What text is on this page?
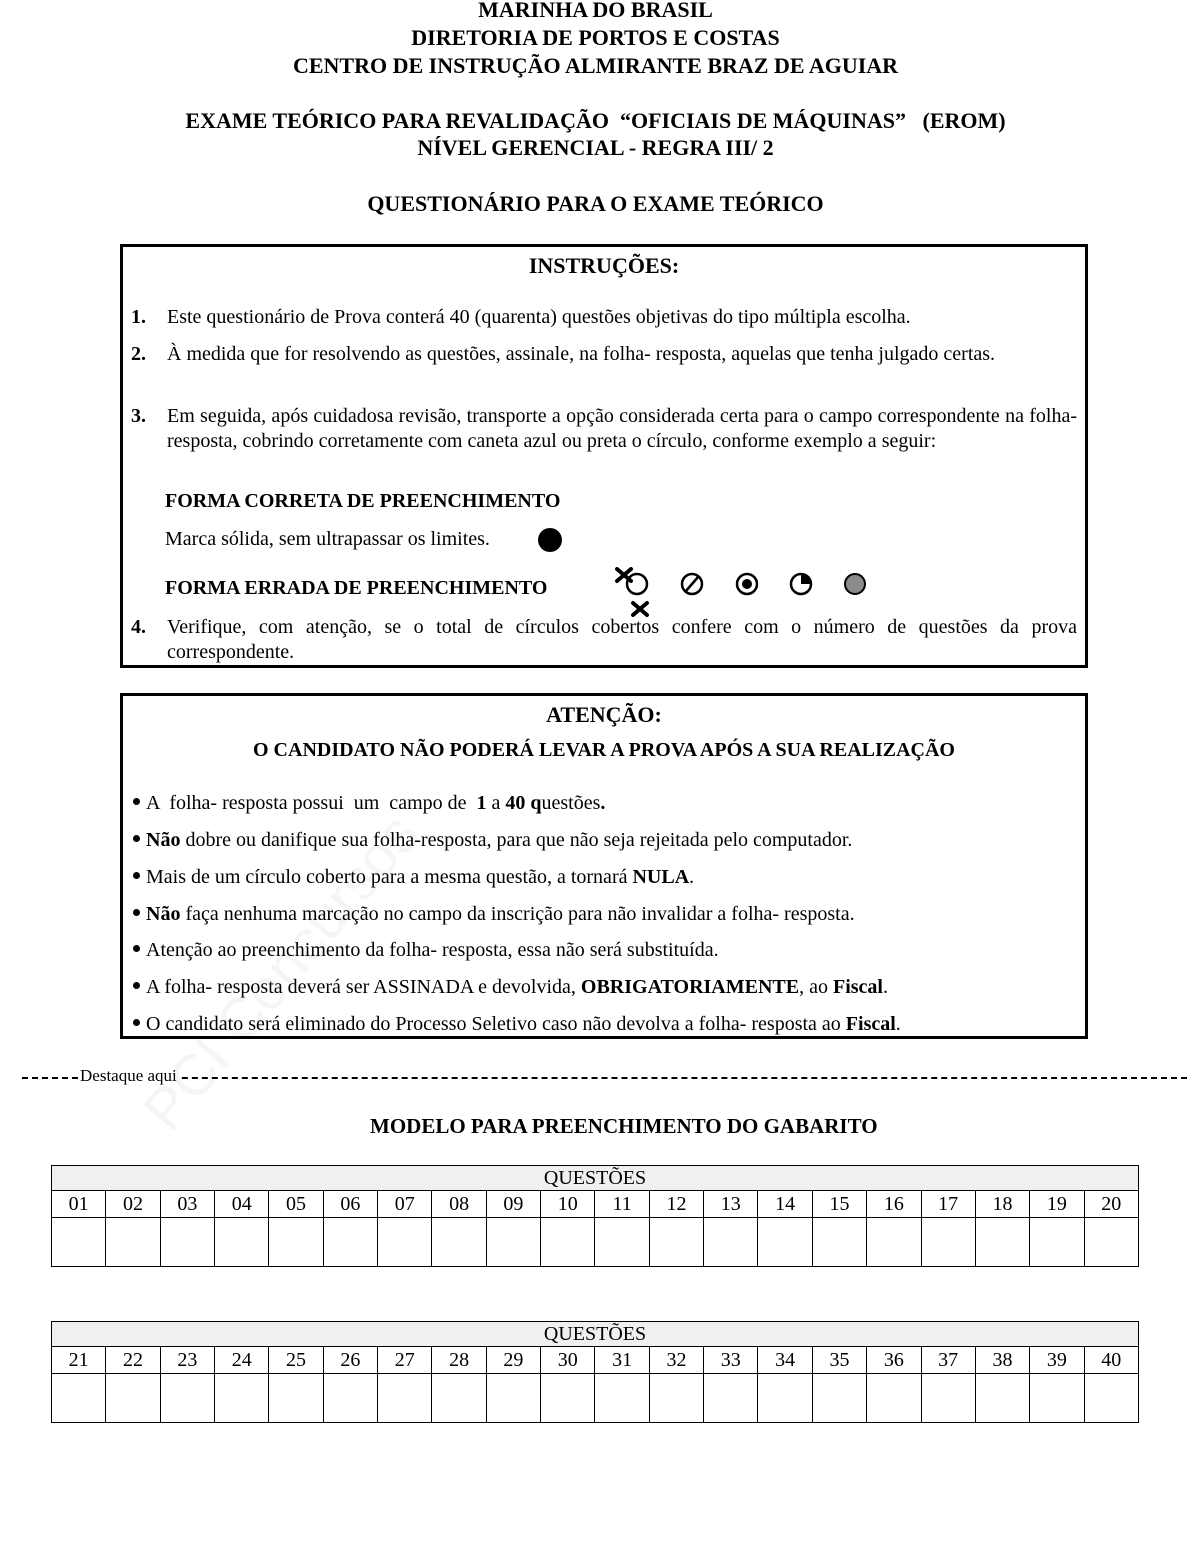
MARINHA DO BRASIL
DIRETORIA DE PORTOS E COSTAS
CENTRO DE INSTRUÇÃO ALMIRANTE BRAZ DE AGUIAR
EXAME TEÓRICO PARA REVALIDAÇÃO  “OFICIAIS DE MÁQUINAS”   (EROM)
NÍVEL GERENCIAL - REGRA III/ 2
QUESTIONÁRIO PARA O EXAME TEÓRICO
INSTRUÇÕES:
1. Este questionário de Prova conterá 40 (quarenta) questões objetivas do tipo múltipla escolha.
2. À medida que for resolvendo as questões, assinale, na folha- resposta, aquelas que tenha julgado certas.
3. Em seguida, após cuidadosa revisão, transporte a opção considerada certa para o campo correspondente na folha- resposta, cobrindo corretamente com caneta azul ou preta o círculo, conforme exemplo a seguir:
FORMA CORRETA DE PREENCHIMENTO
Marca sólida, sem ultrapassar os limites.
FORMA ERRADA DE PREENCHIMENTO
4. Verifique, com atenção, se o total de círculos cobertos confere com o número de questões da prova correspondente.
ATENÇÃO:
O CANDIDATO NÃO PODERÁ LEVAR A PROVA APÓS A SUA REALIZAÇÃO
A  folha- resposta possui  um  campo de  1 a 40 questões.
Não dobre ou danifique sua folha-resposta, para que não seja rejeitada pelo computador.
Mais de um círculo coberto para a mesma questão, a tornará NULA.
Não faça nenhuma marcação no campo da inscrição para não invalidar a folha- resposta.
Atenção ao preenchimento da folha- resposta, essa não será substituída.
A folha- resposta deverá ser ASSINADA e devolvida, OBRIGATORIAMENTE, ao Fiscal.
O candidato será eliminado do Processo Seletivo caso não devolva a folha- resposta ao Fiscal.
Destaque aqui
MODELO PARA PREENCHIMENTO DO GABARITO
QUESTÕES																			
01	02	03	04	05	06	07	08	09	10	11	12	13	14	15	16	17	18	19	20

QUESTÕES																			
21	22	23	24	25	26	27	28	29	30	31	32	33	34	35	36	37	38	39	40
